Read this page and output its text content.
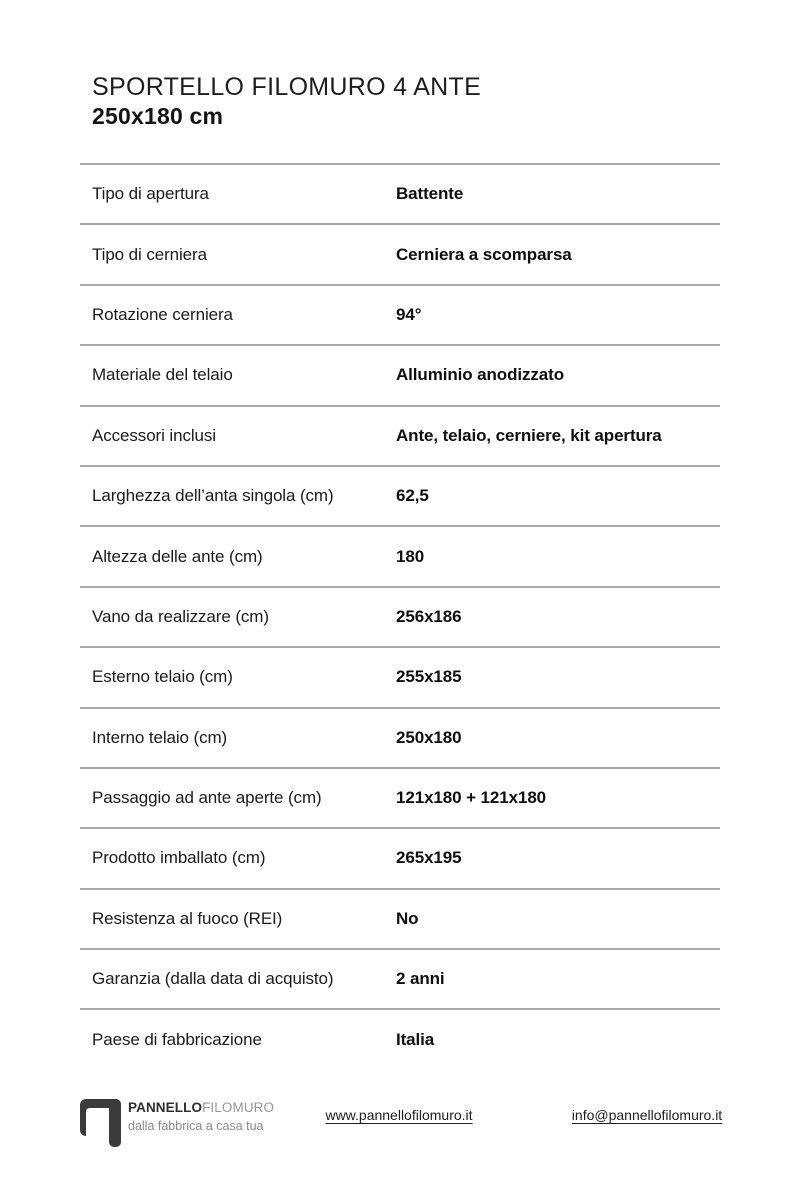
SPORTELLO FILOMURO 4 ANTE
250x180 cm
Tipo di apertura	Battente
Tipo di cerniera	Cerniera a scomparsa
Rotazione cerniera	94°
Materiale del telaio	Alluminio anodizzato
Accessori inclusi	Ante, telaio, cerniere, kit apertura
Larghezza dell’anta singola (cm)	62,5
Altezza delle ante (cm)	180
Vano da realizzare (cm)	256x186
Esterno telaio (cm)	255x185
Interno telaio (cm)	250x180
Passaggio ad ante aperte (cm)	121x180 + 121x180
Prodotto imballato (cm)	265x195
Resistenza al fuoco (REI)	No
Garanzia (dalla data di acquisto)	2 anni
Paese di fabbricazione	Italia
PANNELLOFILOMURO
dalla fabbrica a casa tua
www.pannellofilomuro.it	info@pannellofilomuro.it
